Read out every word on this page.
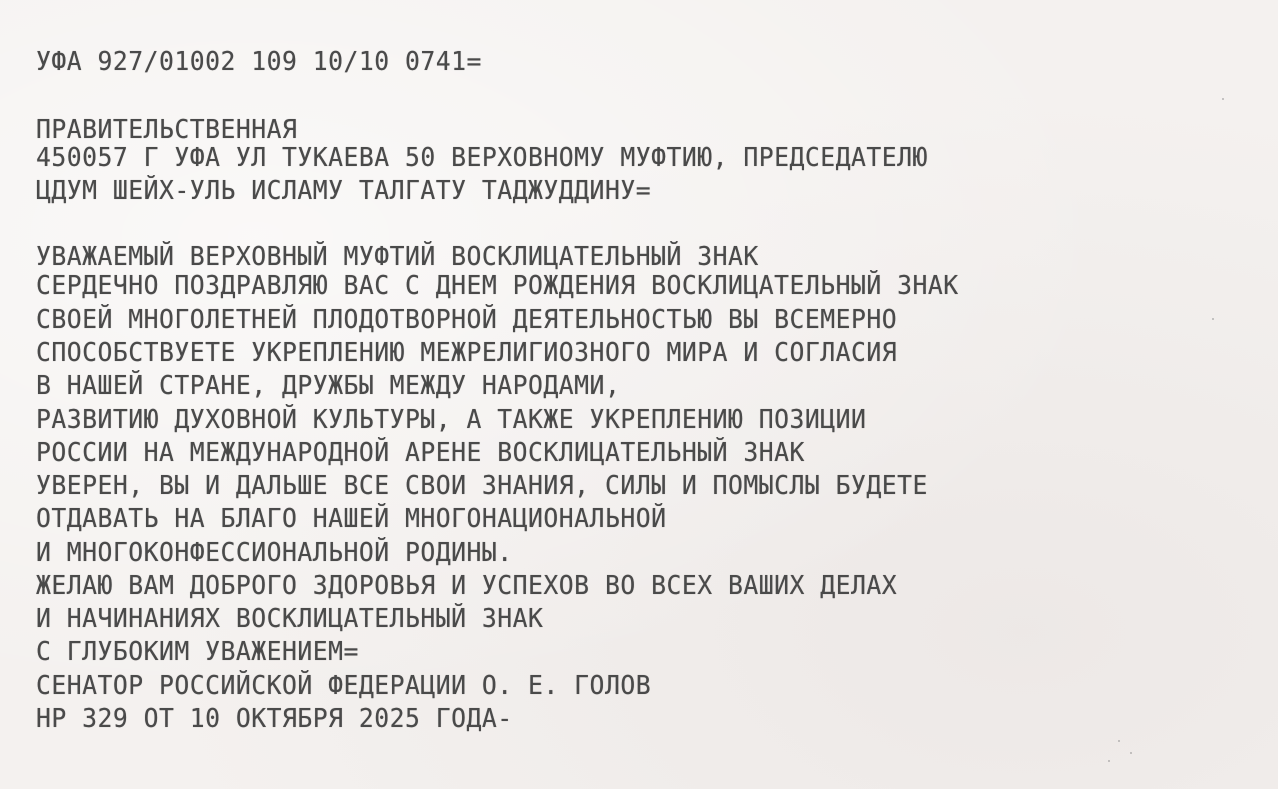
УФА 927/01002 109 10/10 0741=
ПРАВИТЕЛЬСТВЕННАЯ
450057 Г УФА УЛ ТУКАЕВА 50 ВЕРХОВНОМУ МУФТИЮ, ПРЕДСЕДАТЕЛЮ
ЦДУМ ШЕЙХ-УЛЬ ИСЛАМУ ТАЛГАТУ ТАДЖУДДИНУ=
УВАЖАЕМЫЙ ВЕРХОВНЫЙ МУФТИЙ ВОСКЛИЦАТЕЛЬНЫЙ ЗНАК
СЕРДЕЧНО ПОЗДРАВЛЯЮ ВАС С ДНЕМ РОЖДЕНИЯ ВОСКЛИЦАТЕЛЬНЫЙ ЗНАК
СВОЕЙ МНОГОЛЕТНЕЙ ПЛОДОТВОРНОЙ ДЕЯТЕЛЬНОСТЬЮ ВЫ ВСЕМЕРНО
СПОСОБСТВУЕТЕ УКРЕПЛЕНИЮ МЕЖРЕЛИГИОЗНОГО МИРА И СОГЛАСИЯ
В НАШЕЙ СТРАНЕ, ДРУЖБЫ МЕЖДУ НАРОДАМИ,
РАЗВИТИЮ ДУХОВНОЙ КУЛЬТУРЫ, А ТАКЖЕ УКРЕПЛЕНИЮ ПОЗИЦИИ
РОССИИ НА МЕЖДУНАРОДНОЙ АРЕНЕ ВОСКЛИЦАТЕЛЬНЫЙ ЗНАК
УВЕРЕН, ВЫ И ДАЛЬШЕ ВСЕ СВОИ ЗНАНИЯ, СИЛЫ И ПОМЫСЛЫ БУДЕТЕ
ОТДАВАТЬ НА БЛАГО НАШЕЙ МНОГОНАЦИОНАЛЬНОЙ
И МНОГОКОНФЕССИОНАЛЬНОЙ РОДИНЫ.
ЖЕЛАЮ ВАМ ДОБРОГО ЗДОРОВЬЯ И УСПЕХОВ ВО ВСЕХ ВАШИХ ДЕЛАХ
И НАЧИНАНИЯХ ВОСКЛИЦАТЕЛЬНЫЙ ЗНАК
С ГЛУБОКИМ УВАЖЕНИЕМ=
СЕНАТОР РОССИЙСКОЙ ФЕДЕРАЦИИ О. Е. ГОЛОВ
НР 329 ОТ 10 ОКТЯБРЯ 2025 ГОДА-
